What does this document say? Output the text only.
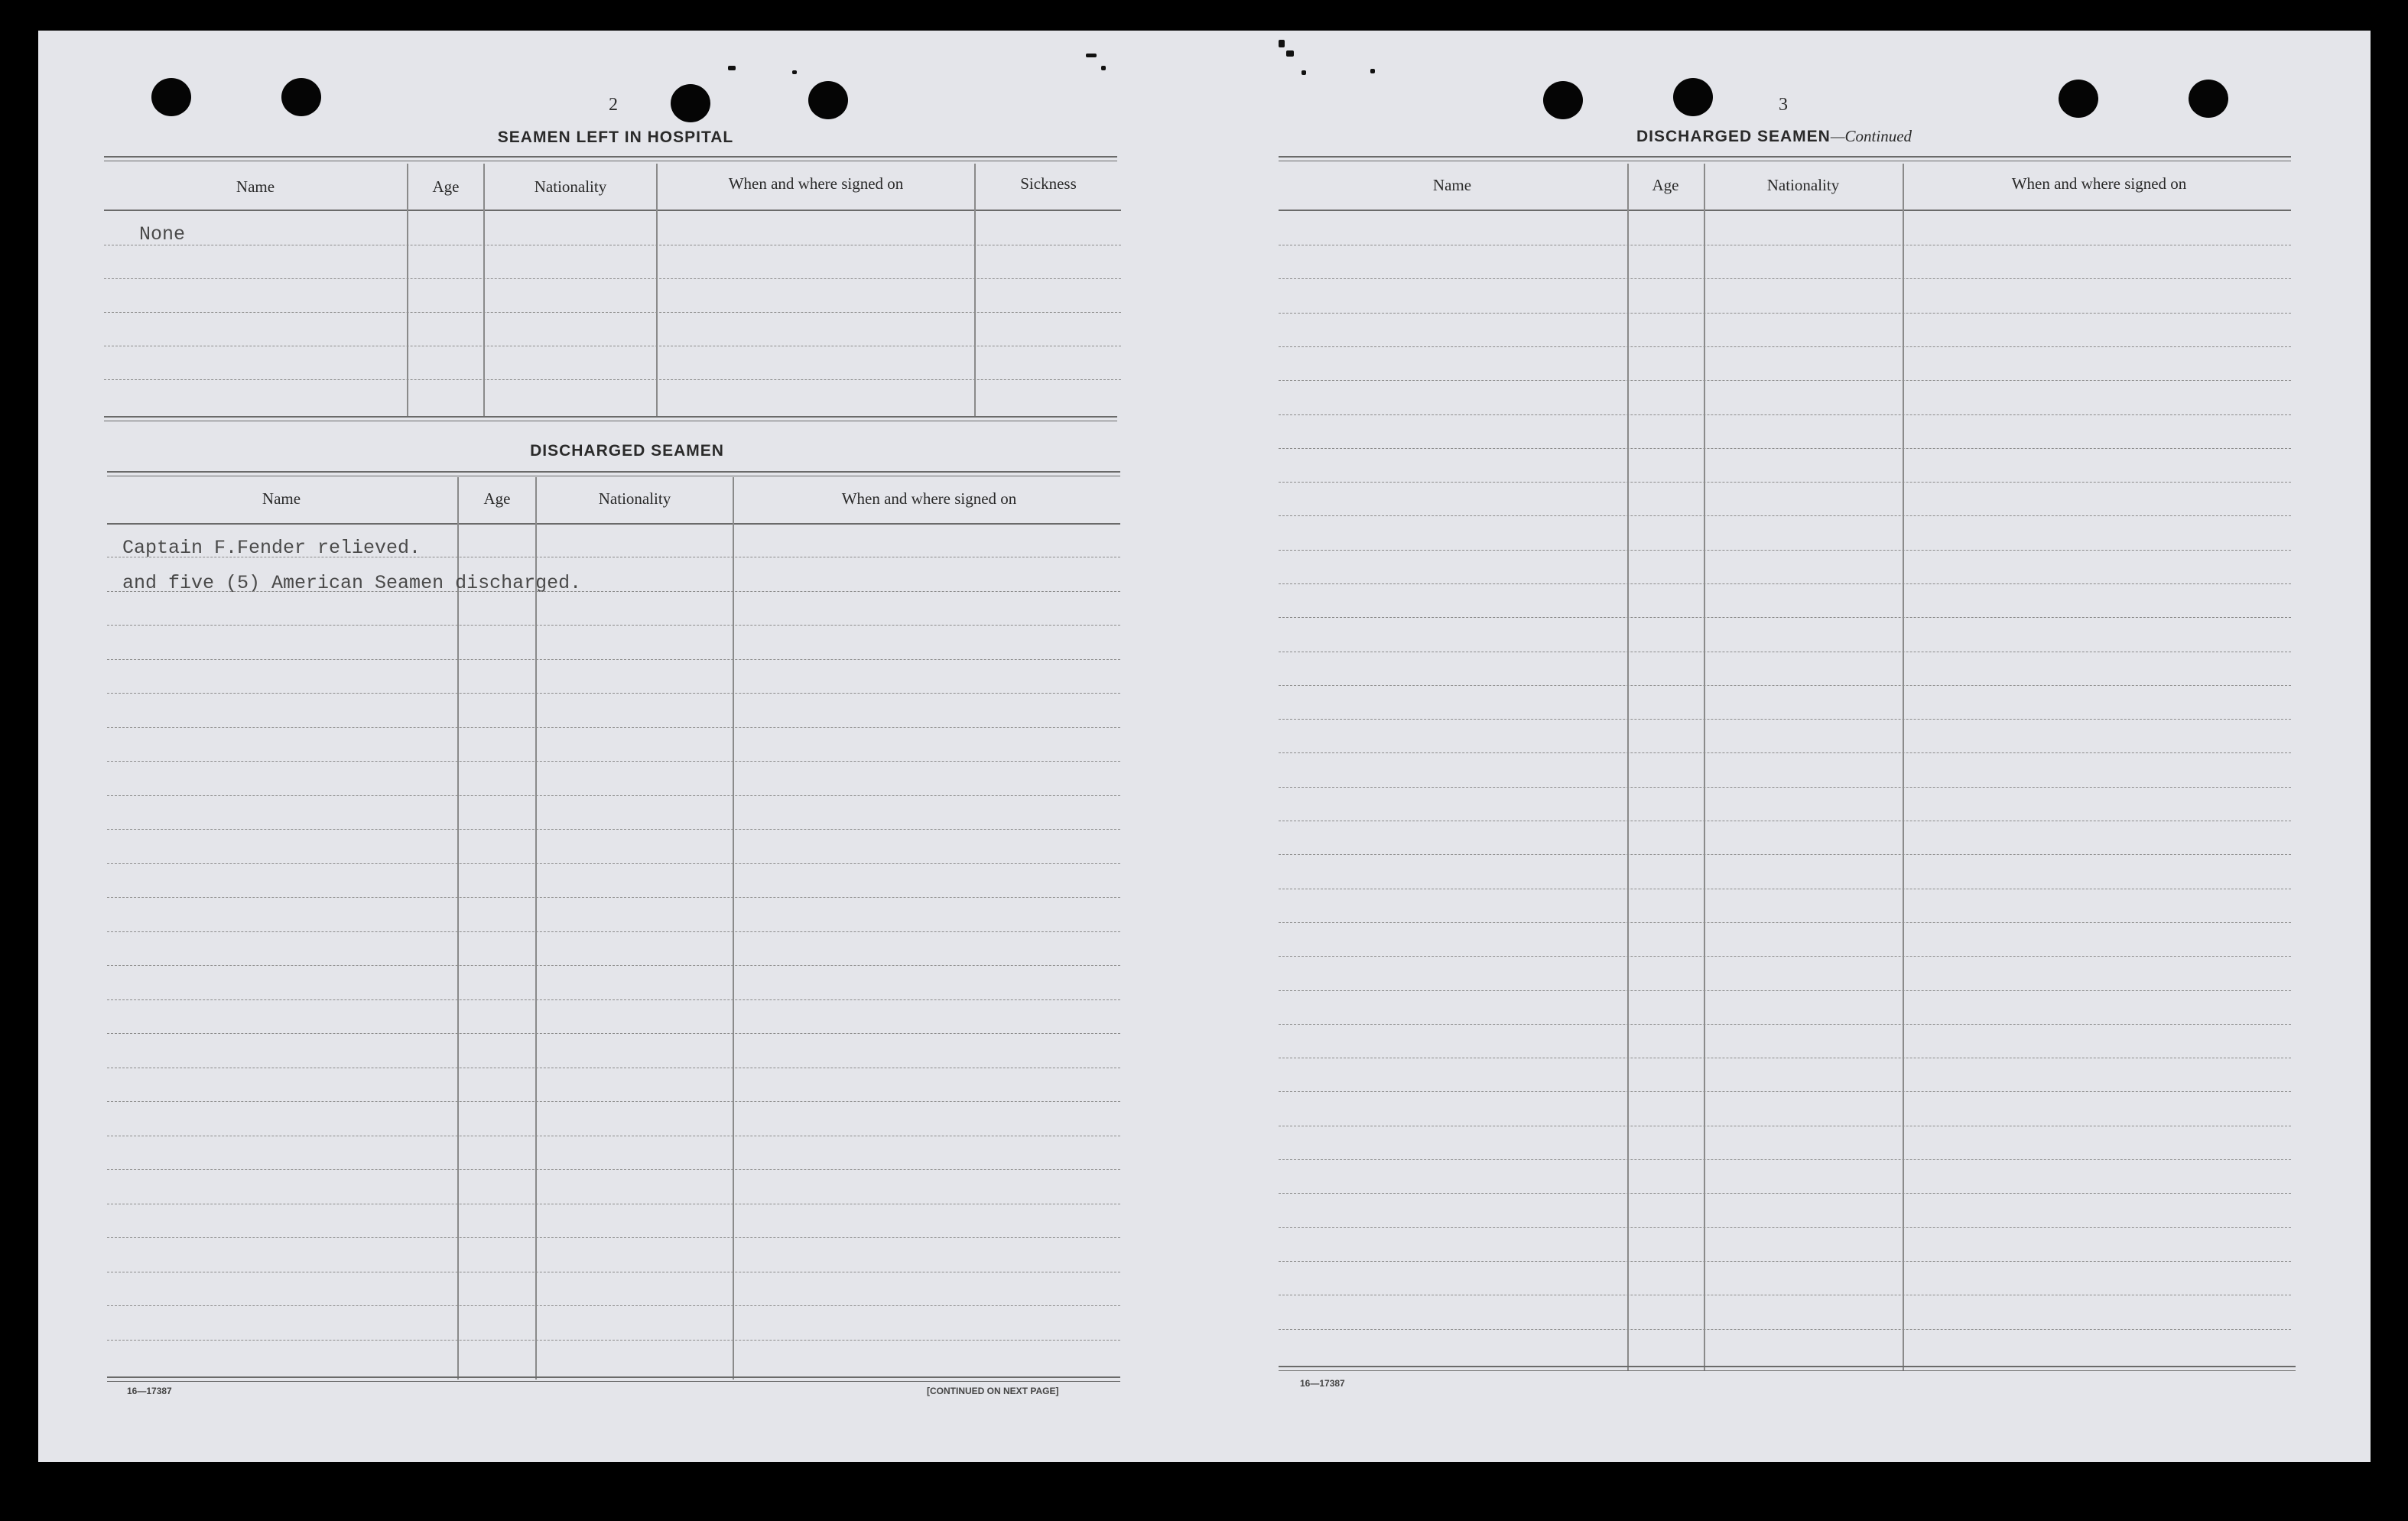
2
SEAMEN LEFT IN HOSPITAL
Name	Age	Nationality	When and where signed on	Sickness
None
DISCHARGED SEAMEN
Name	Age	Nationality	When and where signed on
Captain F.Fender relieved.
and five (5) American Seamen discharged.
16—17387	[CONTINUED ON NEXT PAGE]
3
DISCHARGED SEAMEN—Continued
Name	Age	Nationality	When and where signed on
16—17387
